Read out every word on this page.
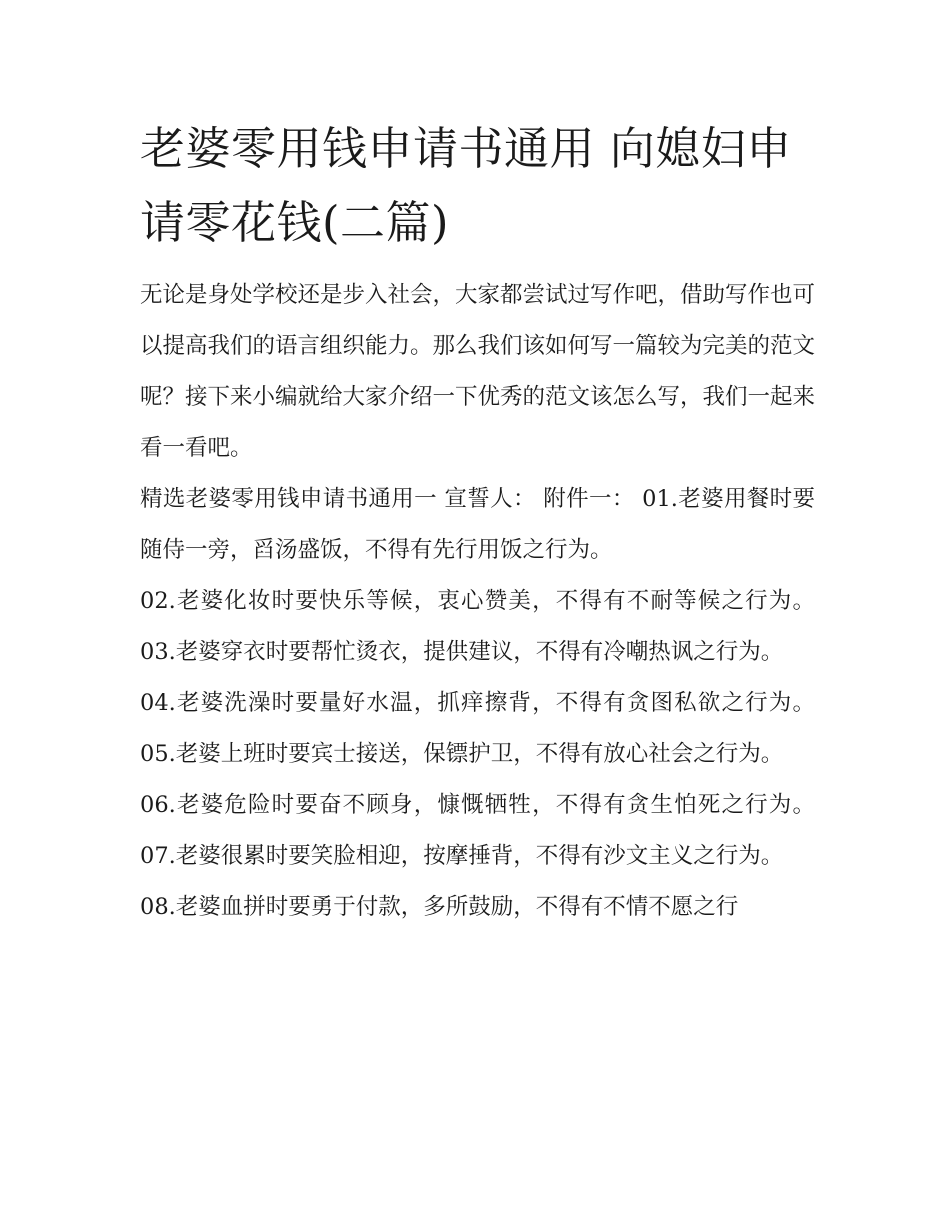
老婆零用钱申请书通用 向媳妇申请零花钱(二篇)

无论是身处学校还是步入社会，大家都尝试过写作吧，借助写作也可以提高我们的语言组织能力。那么我们该如何写一篇较为完美的范文呢？接下来小编就给大家介绍一下优秀的范文该怎么写，我们一起来看一看吧。

精选老婆零用钱申请书通用一 宣誓人： 附件一： 01.老婆用餐时要随侍一旁，舀汤盛饭，不得有先行用饭之行为。

02.老婆化妆时要快乐等候，衷心赞美，不得有不耐等候之行为。 03.老婆穿衣时要帮忙烫衣，提供建议，不得有冷嘲热讽之行为。

04.老婆洗澡时要量好水温，抓痒擦背，不得有贪图私欲之行为。 05.老婆上班时要宾士接送，保镖护卫，不得有放心社会之行为。

06.老婆危险时要奋不顾身，慷慨牺牲，不得有贪生怕死之行为。 07.老婆很累时要笑脸相迎，按摩捶背，不得有沙文主义之行为。

08.老婆血拼时要勇于付款，多所鼓励，不得有不情不愿之行
